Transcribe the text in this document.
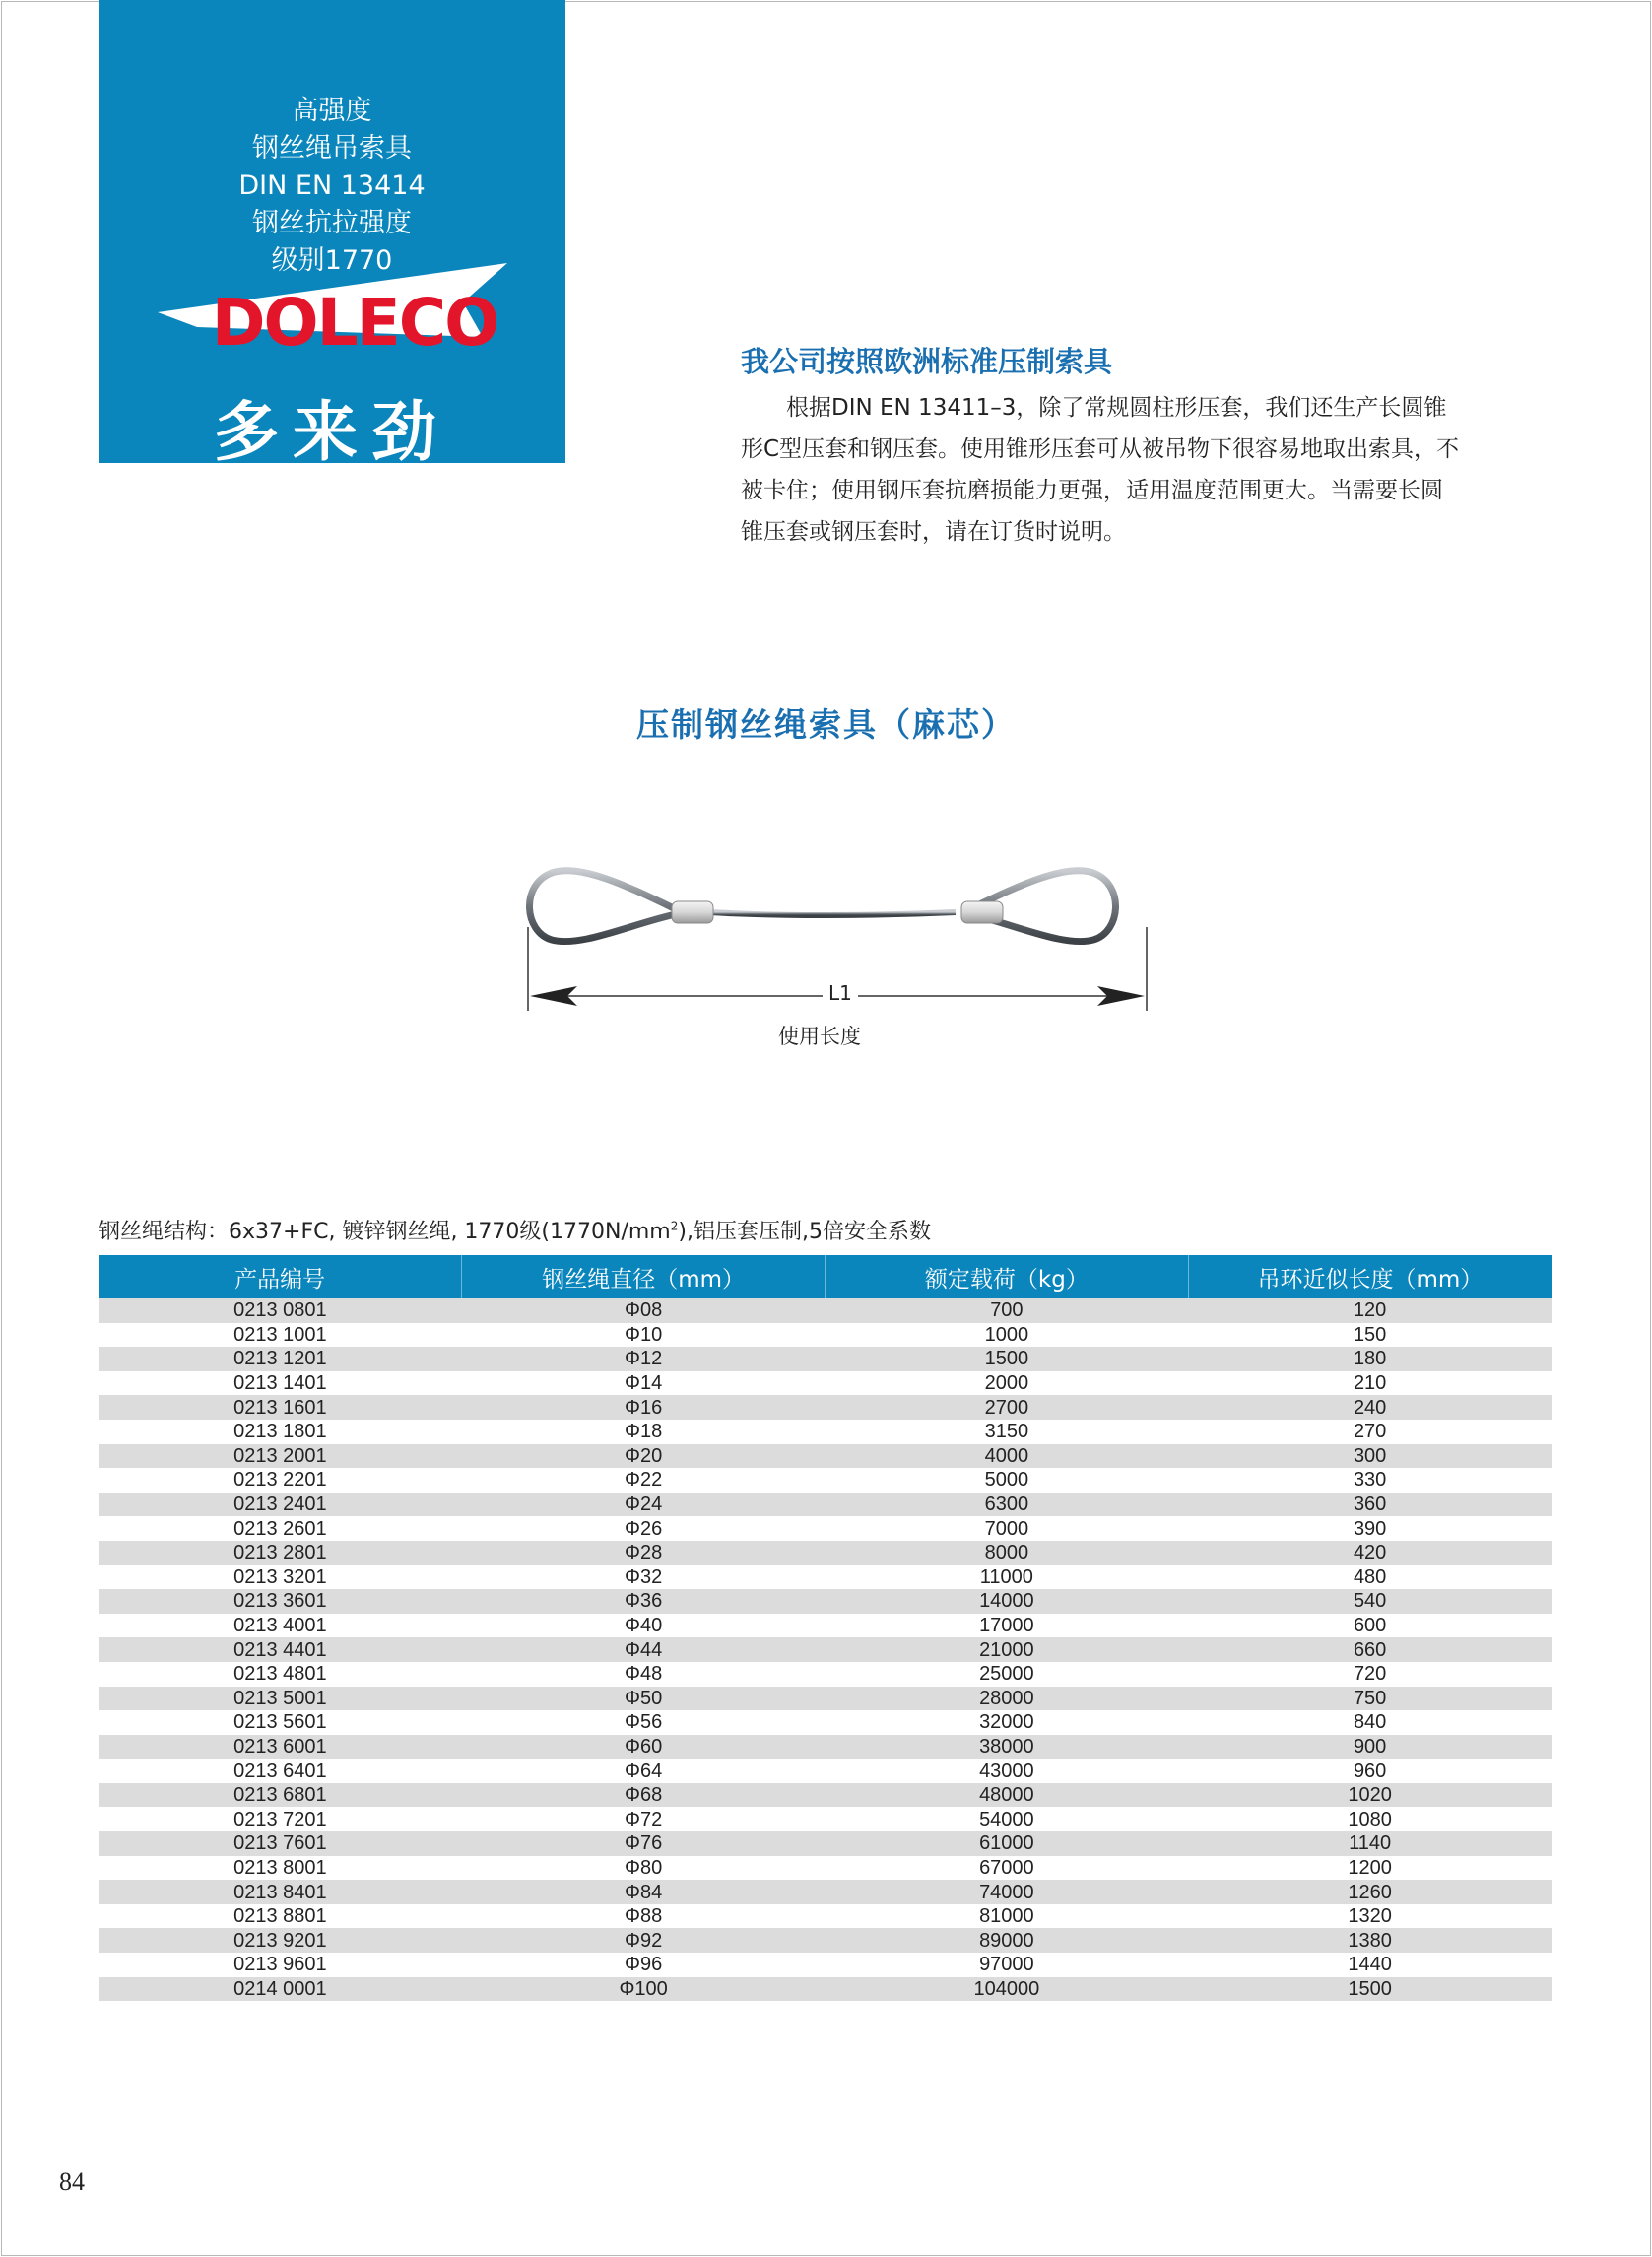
高强度
钢丝绳吊索具
DIN EN 13414
钢丝抗拉强度
级别1770
DOLECO
多来劲
我公司按照欧洲标准压制索具
根据DIN EN 13411–3，除了常规圆柱形压套，我们还生产长圆锥形C型压套和钢压套。使用锥形压套可从被吊物下很容易地取出索具，不被卡住；使用钢压套抗磨损能力更强，适用温度范围更大。当需要长圆锥压套或钢压套时，请在订货时说明。
压制钢丝绳索具（麻芯）
L1
使用长度
钢丝绳结构：6x37+FC, 镀锌钢丝绳, 1770级$(1770N/mm^2)$,铝压套压制,5倍安全系数
产品编号	钢丝绳直径（mm）	额定载荷（kg）	吊环近似长度（mm）
0213 0801	Φ08	700	120
0213 1001	Φ10	1000	150
0213 1201	Φ12	1500	180
0213 1401	Φ14	2000	210
0213 1601	Φ16	2700	240
0213 1801	Φ18	3150	270
0213 2001	Φ20	4000	300
0213 2201	Φ22	5000	330
0213 2401	Φ24	6300	360
0213 2601	Φ26	7000	390
0213 2801	Φ28	8000	420
0213 3201	Φ32	11000	480
0213 3601	Φ36	14000	540
0213 4001	Φ40	17000	600
0213 4401	Φ44	21000	660
0213 4801	Φ48	25000	720
0213 5001	Φ50	28000	750
0213 5601	Φ56	32000	840
0213 6001	Φ60	38000	900
0213 6401	Φ64	43000	960
0213 6801	Φ68	48000	1020
0213 7201	Φ72	54000	1080
0213 7601	Φ76	61000	1140
0213 8001	Φ80	67000	1200
0213 8401	Φ84	74000	1260
0213 8801	Φ88	81000	1320
0213 9201	Φ92	89000	1380
0213 9601	Φ96	97000	1440
0214 0001	Φ100	104000	1500
84
